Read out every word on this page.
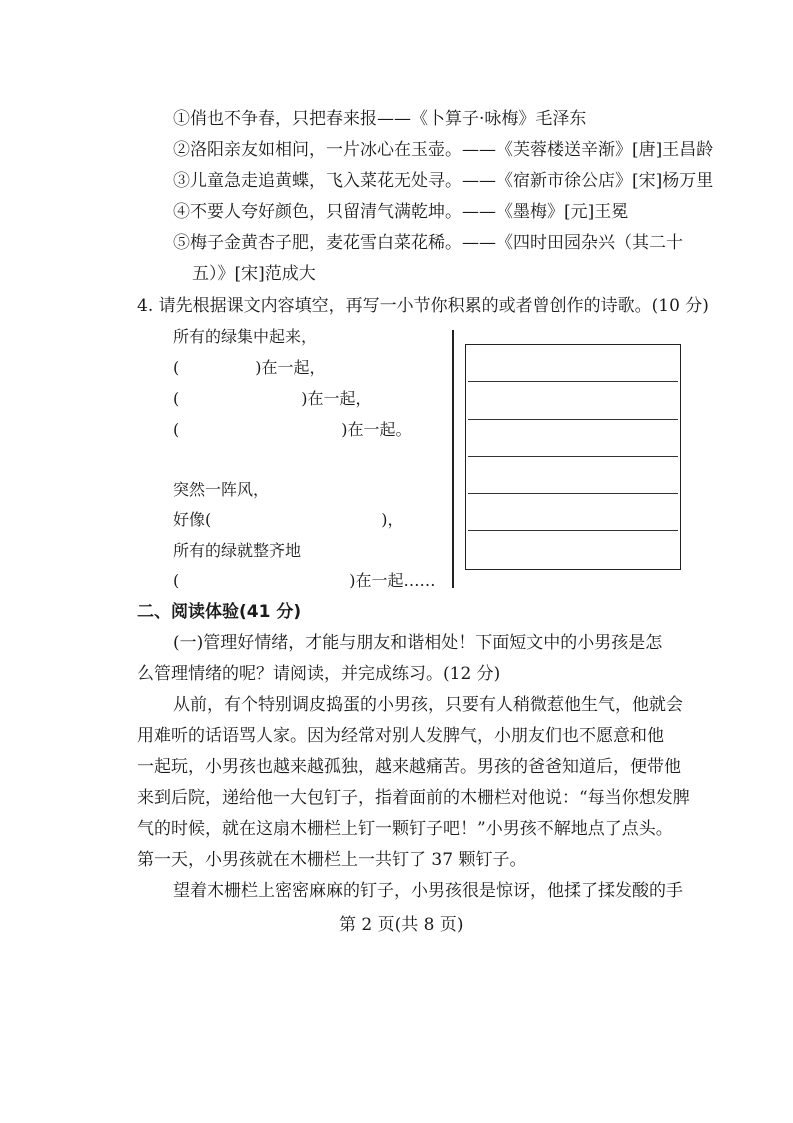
①俏也不争春，只把春来报——《卜算子·咏梅》毛泽东
②洛阳亲友如相问，一片冰心在玉壶。——《芙蓉楼送辛渐》[唐]王昌龄
③儿童急走追黄蝶，飞入菜花无处寻。——《宿新市徐公店》[宋]杨万里
④不要人夸好颜色，只留清气满乾坤。——《墨梅》[元]王冕
⑤梅子金黄杏子肥，麦花雪白菜花稀。——《四时田园杂兴（其二十
五）》[宋]范成大
4. 请先根据课文内容填空，再写一小节你积累的或者曾创作的诗歌。(10 分)
所有的绿集中起来，
(	)在一起，
(	)在一起，
(	)在一起。
突然一阵风，
好像(	)，
所有的绿就整齐地
(	)在一起……
二、阅读体验(41 分)
(一)管理好情绪，才能与朋友和谐相处！下面短文中的小男孩是怎
么管理情绪的呢？请阅读，并完成练习。(12 分)
从前，有个特别调皮捣蛋的小男孩，只要有人稍微惹他生气，他就会
用难听的话语骂人家。因为经常对别人发脾气，小朋友们也不愿意和他
一起玩，小男孩也越来越孤独，越来越痛苦。男孩的爸爸知道后，便带他
来到后院，递给他一大包钉子，指着面前的木栅栏对他说：“每当你想发脾
气的时候，就在这扇木栅栏上钉一颗钉子吧！”小男孩不解地点了点头。
第一天，小男孩就在木栅栏上一共钉了 37 颗钉子。
望着木栅栏上密密麻麻的钉子，小男孩很是惊讶，他揉了揉发酸的手
第 2 页(共 8 页)
